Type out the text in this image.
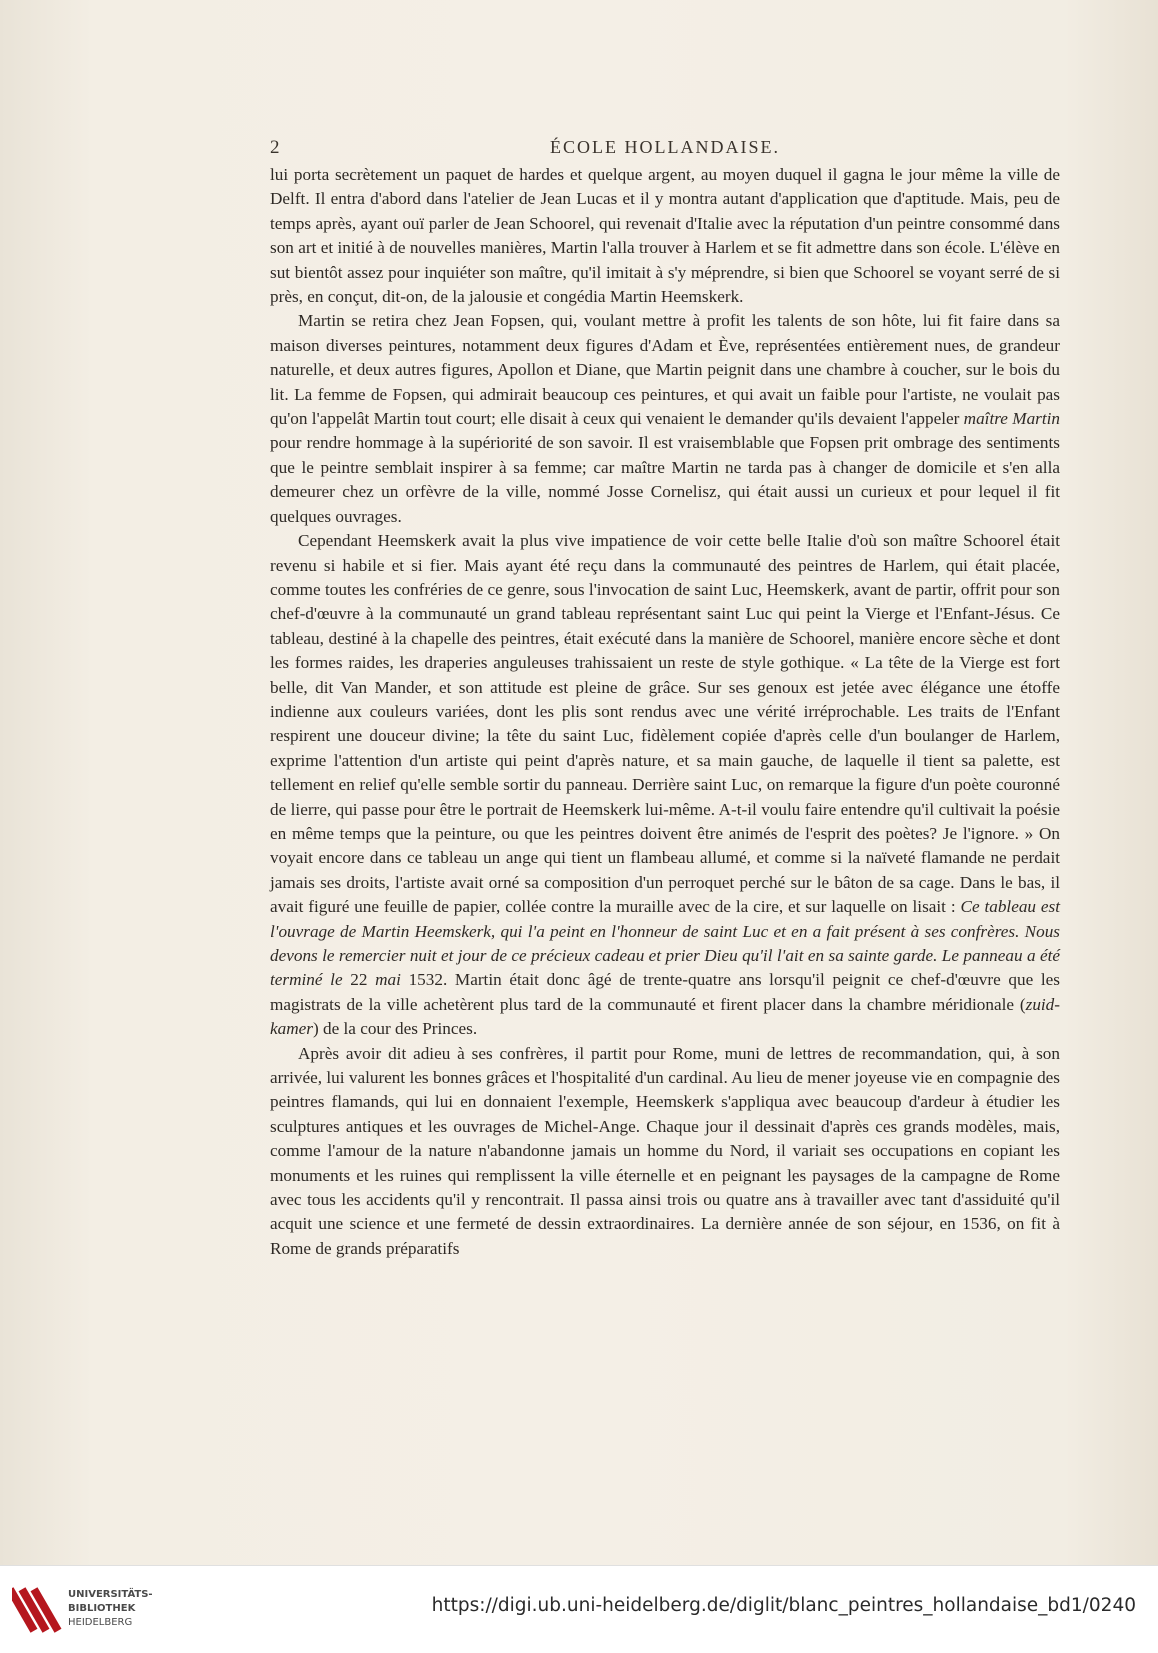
2	ÉCOLE HOLLANDAISE.

lui porta secrètement un paquet de hardes et quelque argent, au moyen duquel il gagna le jour même la ville de Delft. Il entra d'abord dans l'atelier de Jean Lucas et il y montra autant d'application que d'aptitude. Mais, peu de temps après, ayant ouï parler de Jean Schoorel, qui revenait d'Italie avec la réputation d'un peintre consommé dans son art et initié à de nouvelles manières, Martin l'alla trouver à Harlem et se fit admettre dans son école. L'élève en sut bientôt assez pour inquiéter son maître, qu'il imitait à s'y méprendre, si bien que Schoorel se voyant serré de si près, en conçut, dit-on, de la jalousie et congédia Martin Heemskerk.

Martin se retira chez Jean Fopsen, qui, voulant mettre à profit les talents de son hôte, lui fit faire dans sa maison diverses peintures, notamment deux figures d'Adam et Ève, représentées entièrement nues, de grandeur naturelle, et deux autres figures, Apollon et Diane, que Martin peignit dans une chambre à coucher, sur le bois du lit. La femme de Fopsen, qui admirait beaucoup ces peintures, et qui avait un faible pour l'artiste, ne voulait pas qu'on l'appelât Martin tout court; elle disait à ceux qui venaient le demander qu'ils devaient l'appeler maître Martin pour rendre hommage à la supériorité de son savoir. Il est vraisemblable que Fopsen prit ombrage des sentiments que le peintre semblait inspirer à sa femme; car maître Martin ne tarda pas à changer de domicile et s'en alla demeurer chez un orfèvre de la ville, nommé Josse Cornelisz, qui était aussi un curieux et pour lequel il fit quelques ouvrages.

Cependant Heemskerk avait la plus vive impatience de voir cette belle Italie d'où son maître Schoorel était revenu si habile et si fier. Mais ayant été reçu dans la communauté des peintres de Harlem, qui était placée, comme toutes les confréries de ce genre, sous l'invocation de saint Luc, Heemskerk, avant de partir, offrit pour son chef-d'œuvre à la communauté un grand tableau représentant saint Luc qui peint la Vierge et l'Enfant-Jésus. Ce tableau, destiné à la chapelle des peintres, était exécuté dans la manière de Schoorel, manière encore sèche et dont les formes raides, les draperies anguleuses trahissaient un reste de style gothique. « La tête de la Vierge est fort belle, dit Van Mander, et son attitude est pleine de grâce. Sur ses genoux est jetée avec élégance une étoffe indienne aux couleurs variées, dont les plis sont rendus avec une vérité irréprochable. Les traits de l'Enfant respirent une douceur divine; la tête du saint Luc, fidèlement copiée d'après celle d'un boulanger de Harlem, exprime l'attention d'un artiste qui peint d'après nature, et sa main gauche, de laquelle il tient sa palette, est tellement en relief qu'elle semble sortir du panneau. Derrière saint Luc, on remarque la figure d'un poète couronné de lierre, qui passe pour être le portrait de Heemskerk lui-même. A-t-il voulu faire entendre qu'il cultivait la poésie en même temps que la peinture, ou que les peintres doivent être animés de l'esprit des poètes? Je l'ignore. » On voyait encore dans ce tableau un ange qui tient un flambeau allumé, et comme si la naïveté flamande ne perdait jamais ses droits, l'artiste avait orné sa composition d'un perroquet perché sur le bâton de sa cage. Dans le bas, il avait figuré une feuille de papier, collée contre la muraille avec de la cire, et sur laquelle on lisait : Ce tableau est l'ouvrage de Martin Heemskerk, qui l'a peint en l'honneur de saint Luc et en a fait présent à ses confrères. Nous devons le remercier nuit et jour de ce précieux cadeau et prier Dieu qu'il l'ait en sa sainte garde. Le panneau a été terminé le 22 mai 1532. Martin était donc âgé de trente-quatre ans lorsqu'il peignit ce chef-d'œuvre que les magistrats de la ville achetèrent plus tard de la communauté et firent placer dans la chambre méridionale (zuid-kamer) de la cour des Princes.

Après avoir dit adieu à ses confrères, il partit pour Rome, muni de lettres de recommandation, qui, à son arrivée, lui valurent les bonnes grâces et l'hospitalité d'un cardinal. Au lieu de mener joyeuse vie en compagnie des peintres flamands, qui lui en donnaient l'exemple, Heemskerk s'appliqua avec beaucoup d'ardeur à étudier les sculptures antiques et les ouvrages de Michel-Ange. Chaque jour il dessinait d'après ces grands modèles, mais, comme l'amour de la nature n'abandonne jamais un homme du Nord, il variait ses occupations en copiant les monuments et les ruines qui remplissent la ville éternelle et en peignant les paysages de la campagne de Rome avec tous les accidents qu'il y rencontrait. Il passa ainsi trois ou quatre ans à travailler avec tant d'assiduité qu'il acquit une science et une fermeté de dessin extraordinaires. La dernière année de son séjour, en 1536, on fit à Rome de grands préparatifs

UNIVERSITÄTS-
BIBLIOTHEK
HEIDELBERG
https://digi.ub.uni-heidelberg.de/diglit/blanc_peintres_hollandaise_bd1/0240
